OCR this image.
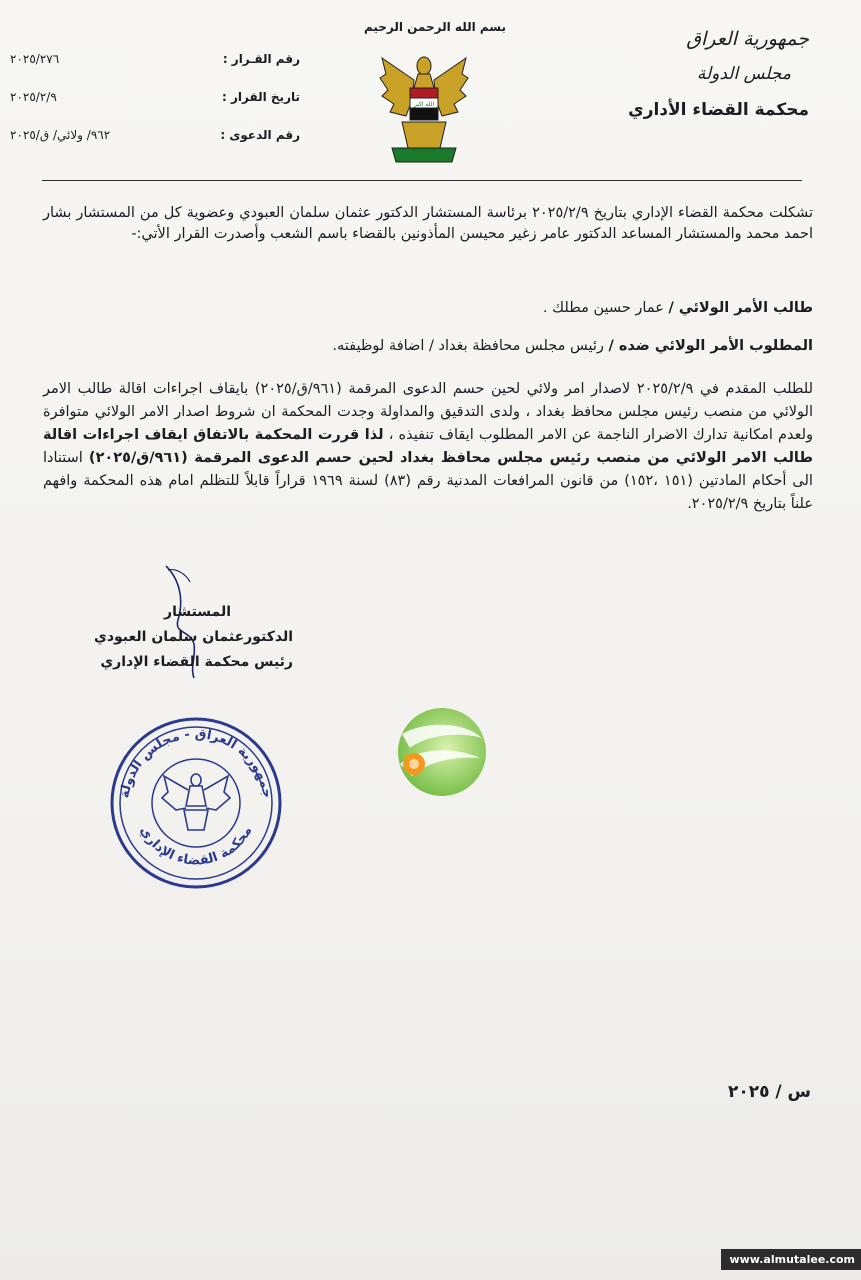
بسم الله الرحمن الرحيم
الله اكبر
رقم القـرار :
٢٠٢٥/٢٧٦
تاريخ القرار :
٢٠٢٥/٢/٩
رقم الدعوى :
٩٦٢/ ولائي/ ق/٢٠٢٥
جمهورية العراق
مجلس الدولة
محكمة القضاء الأداري
تشكلت محكمة القضاء الإداري بتاريخ ٢٠٢٥/٢/٩ برئاسة المستشار الدكتور عثمان سلمان العبودي وعضوية كل من المستشار بشار احمد محمد والمستشار المساعد الدكتور عامر زغير محيسن المأذونين بالقضاء باسم الشعب وأصدرت القرار الأتي:-
طالب الأمر الولائي / عمار حسين مطلك .
المطلوب الأمر الولائي ضده / رئيس مجلس محافظة بغداد / اضافة لوظيفته.
للطلب المقدم في ٢٠٢٥/٢/٩ لاصدار امر ولائي لحين حسم الدعوى المرقمة (٩٦١/ق/٢٠٢٥) بايقاف اجراءات اقالة طالب الامر الولائي من منصب رئيس مجلس محافظ بغداد ، ولدى التدقيق والمداولة وجدت المحكمة ان شروط اصدار الامر الولائي متوافرة ولعدم امكانية تدارك الاضرار الناجمة عن الامر المطلوب ايقاف تنفيذه ، لذا قررت المحكمة بالاتفاق ايقاف اجراءات اقالة طالب الامر الولائي من منصب رئيس مجلس محافظ بغداد لحين حسم الدعوى المرقمة (٩٦١/ق/٢٠٢٥) استنادا الى أحكام المادتين (١٥١ ،١٥٢) من قانون المرافعات المدنية رقم (٨٣) لسنة ١٩٦٩ قراراً قابلاً للتظلم امام هذه المحكمة وافهم علناً بتاريخ ٢٠٢٥/٢/٩.
المستشار
الدكتورعثمان سلمان العبودي
رئيس محكمة القضاء الإداري
جمهورية العراق - مجلس الدولة
محكمة القضاء الإداري
س / ٢٠٢٥
www.almutalee.com
